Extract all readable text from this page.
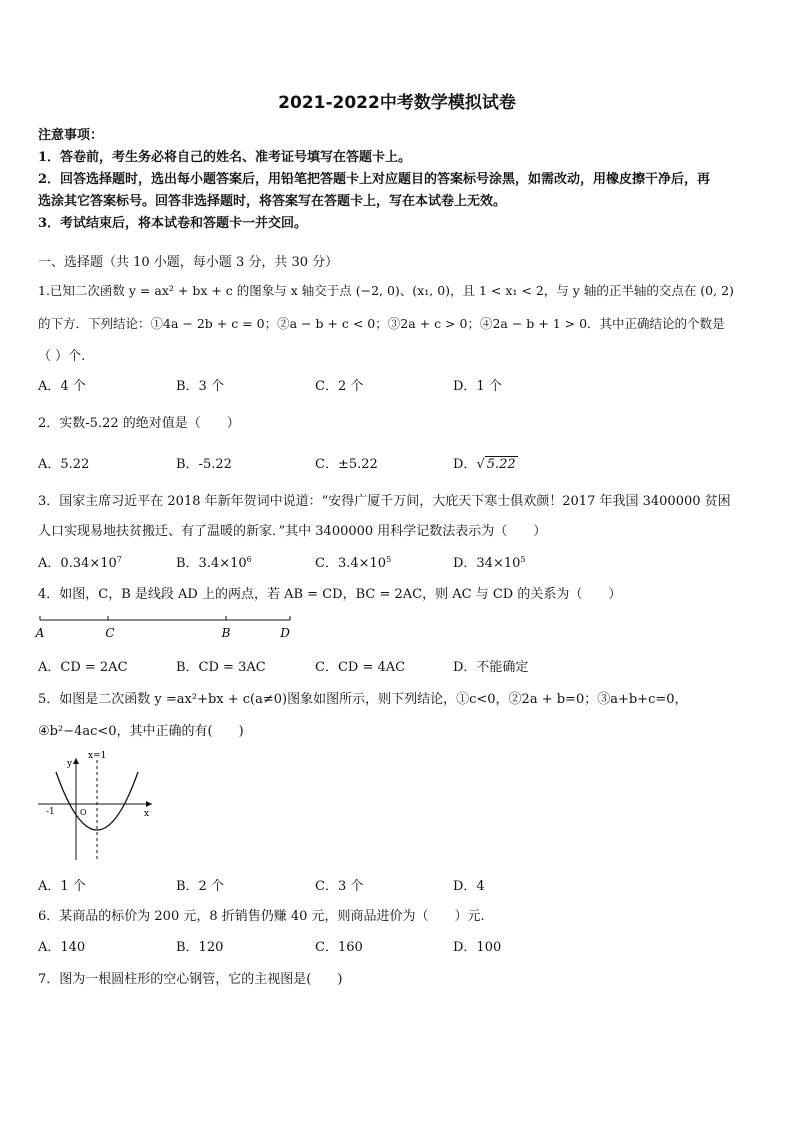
2021-2022中考数学模拟试卷
注意事项：
1．答卷前，考生务必将自己的姓名、准考证号填写在答题卡上。
2．回答选择题时，选出每小题答案后，用铅笔把答题卡上对应题目的答案标号涂黑，如需改动，用橡皮擦干净后，再
选涂其它答案标号。回答非选择题时，将答案写在答题卡上，写在本试卷上无效。
3．考试结束后，将本试卷和答题卡一并交回。
一、选择题（共 10 小题，每小题 3 分，共 30 分）
1.已知二次函数 y = ax² + bx + c 的图象与 x 轴交于点 (−2, 0)、(x₁, 0)，且 1 < x₁ < 2，与 y 轴的正半轴的交点在 (0, 2)
的下方．下列结论：①4a − 2b + c = 0；②a − b + c < 0；③2a + c > 0；④2a − b + 1 > 0．其中正确结论的个数是
（ ）个.
A．4 个	B．3 个	C．2 个	D．1 个
2．实数-5.22 的绝对值是（　　）
A．5.22	B．-5.22	C．±5.22	D．√ 5.22
3．国家主席习近平在 2018 年新年贺词中说道：“安得广厦千万间，大庇天下寒士俱欢颜！2017 年我国 3400000 贫困
人口实现易地扶贫搬迁、有了温暖的新家．”其中 3400000 用科学记数法表示为（　　）
A．$0.34\times 10^7$	B．$3.4\times 10^6$	C．$3.4\times 10^5$	D．$34\times 10^5$
4．如图，C，B 是线段 AD 上的两点，若 AB = CD，BC = 2AC，则 AC 与 CD 的关系为（　　）
A	C	B	D
A．CD = 2AC	B．CD = 3AC	C．CD = 4AC	D．不能确定
5．如图是二次函数 y =ax²+bx + c(a≠0)图象如图所示，则下列结论，①c<0，②2a + b=0；③a+b+c=0，
④b²−4ac<0，其中正确的有(　　)
x=1
y
x
O
-1
A．1 个	B．2 个	C．3 个	D．4
6．某商品的标价为 200 元，8 折销售仍赚 40 元，则商品进价为（　　）元.
A．140	B．120	C．160	D．100
7．图为一根圆柱形的空心钢管，它的主视图是(　　)
